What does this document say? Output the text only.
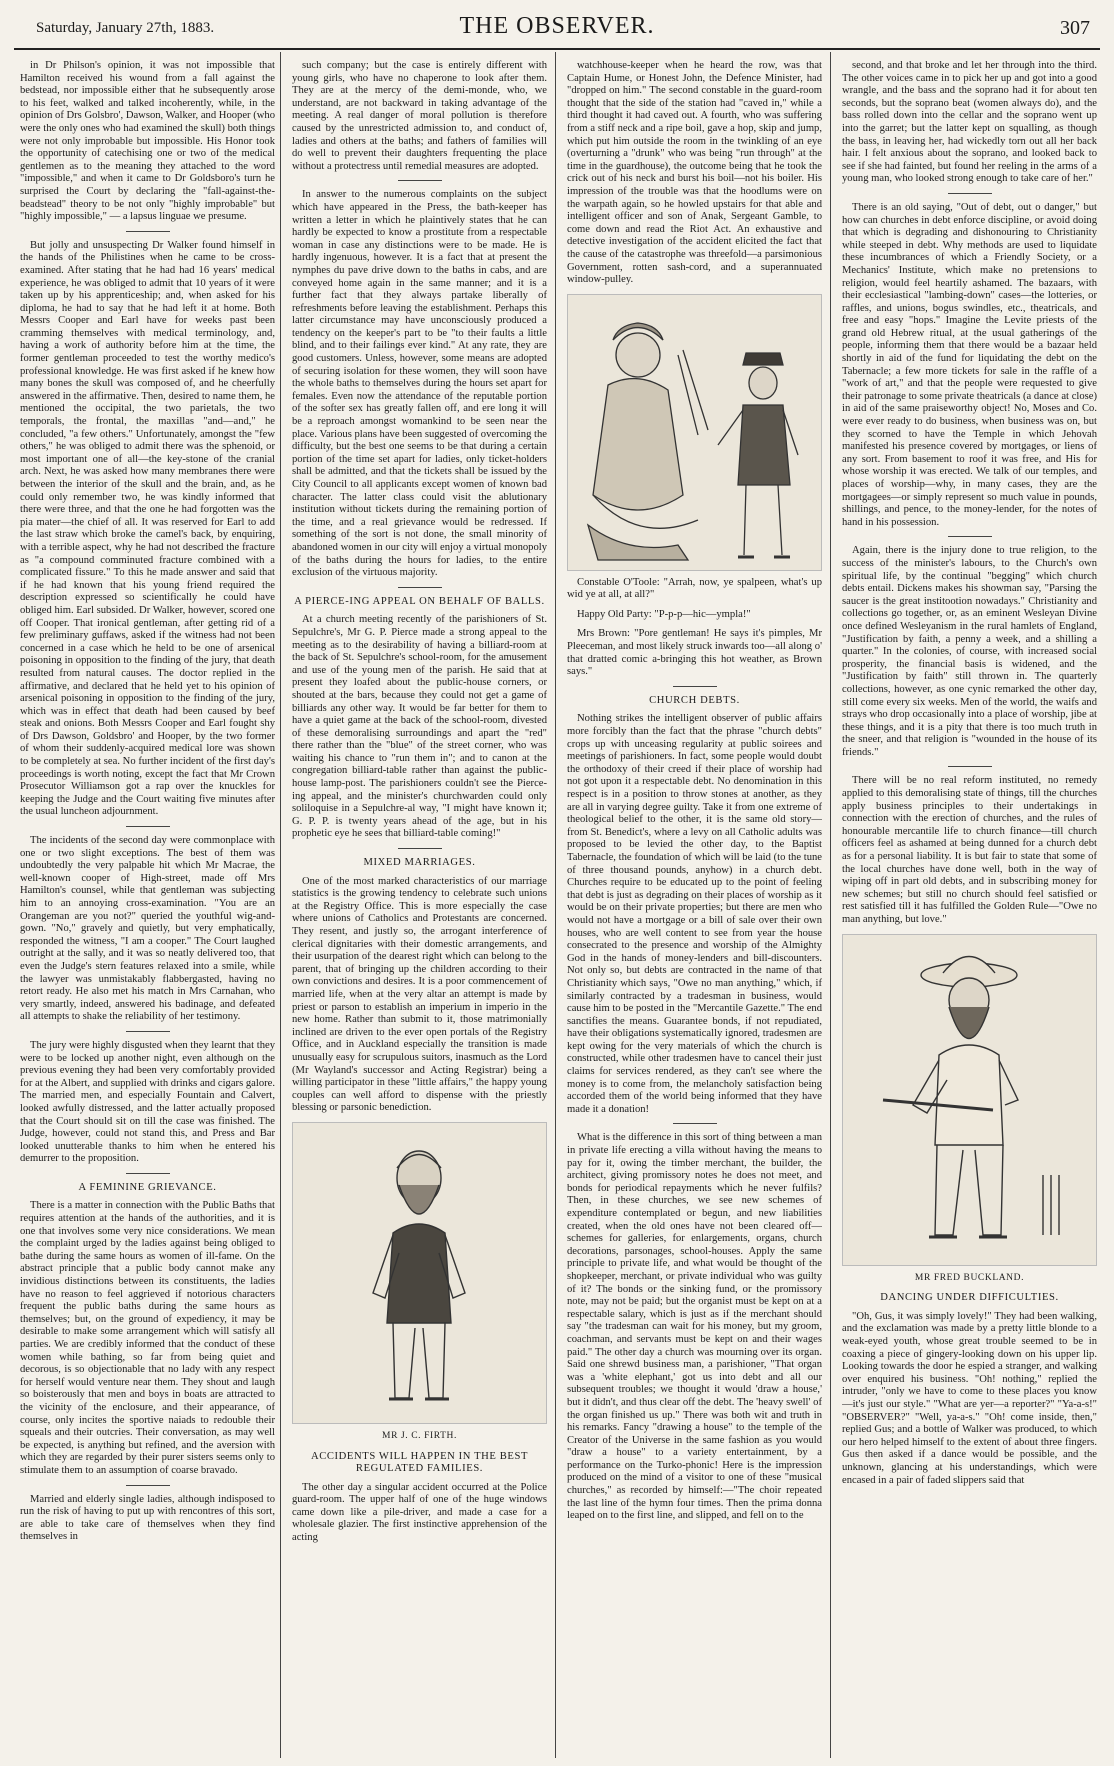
Saturday, January 27th, 1883.	THE OBSERVER.	307

in Dr Philson's opinion, it was not impossible that Hamilton received his wound from a fall against the bedstead, nor impossible either that he subsequently arose to his feet, walked and talked incoherently, while, in the opinion of Drs Golsbro', Dawson, Walker, and Hooper (who were the only ones who had examined the skull) both things were not only improbable but impossible. His Honor took the opportunity of catechising one or two of the medical gentlemen as to the meaning they attached to the word "impossible," and when it came to Dr Goldsboro's turn he surprised the Court by declaring the "fall-against-the-beadstead" theory to be not only "highly improbable" but "highly impossible," — a lapsus linguae we presume.

But jolly and unsuspecting Dr Walker found himself in the hands of the Philistines when he came to be cross-examined. After stating that he had had 16 years' medical experience, he was obliged to admit that 10 years of it were taken up by his apprenticeship; and, when asked for his diploma, he had to say that he had left it at home. Both Messrs Cooper and Earl have for weeks past been cramming themselves with medical terminology, and, having a work of authority before him at the time, the former gentleman proceeded to test the worthy medico's professional knowledge. He was first asked if he knew how many bones the skull was composed of, and he cheerfully answered in the affirmative. Then, desired to name them, he mentioned the occipital, the two parietals, the two temporals, the frontal, the maxillas "and—and," he concluded, "a few others." Unfortunately, amongst the "few others," he was obliged to admit there was the sphenoid, or most important one of all—the key-stone of the cranial arch. Next, he was asked how many membranes there were between the interior of the skull and the brain, and, as he could only remember two, he was kindly informed that there were three, and that the one he had forgotten was the pia mater—the chief of all. It was reserved for Earl to add the last straw which broke the camel's back, by enquiring, with a terrible aspect, why he had not described the fracture as "a compound comminuted fracture combined with a complicated fissure." To this he made answer and said that if he had known that his young friend required the description expressed so scientifically he could have obliged him. Earl subsided. Dr Walker, however, scored one off Cooper. That ironical gentleman, after getting rid of a few preliminary guffaws, asked if the witness had not been concerned in a case which he held to be one of arsenical poisoning in opposition to the finding of the jury, that death resulted from natural causes. The doctor replied in the affirmative, and declared that he held yet to his opinion of arsenical poisoning in opposition to the finding of the jury, which was in effect that death had been caused by beef steak and onions. Both Messrs Cooper and Earl fought shy of Drs Dawson, Goldsbro' and Hooper, by the two former of whom their suddenly-acquired medical lore was shown to be completely at sea. No further incident of the first day's proceedings is worth noting, except the fact that Mr Crown Prosecutor Williamson got a rap over the knuckles for keeping the Judge and the Court waiting five minutes after the usual luncheon adjournment.

The incidents of the second day were commonplace with one or two slight exceptions. The best of them was undoubtedly the very palpable hit which Mr Macrae, the well-known cooper of High-street, made off Mrs Hamilton's counsel, while that gentleman was subjecting him to an annoying cross-examination. "You are an Orangeman are you not?" queried the youthful wig-and-gown. "No," gravely and quietly, but very emphatically, responded the witness, "I am a cooper." The Court laughed outright at the sally, and it was so neatly delivered too, that even the Judge's stern features relaxed into a smile, while the lawyer was unmistakably flabbergasted, having no retort ready. He also met his match in Mrs Carnahan, who very smartly, indeed, answered his badinage, and defeated all attempts to shake the reliability of her testimony.

The jury were highly disgusted when they learnt that they were to be locked up another night, even although on the previous evening they had been very comfortably provided for at the Albert, and supplied with drinks and cigars galore. The married men, and especially Fountain and Calvert, looked awfully distressed, and the latter actually proposed that the Court should sit on till the case was finished. The Judge, however, could not stand this, and Press and Bar looked unutterable thanks to him when he entered his demurrer to the proposition.

A FEMININE GRIEVANCE.

There is a matter in connection with the Public Baths that requires attention at the hands of the authorities, and it is one that involves some very nice considerations. We mean the complaint urged by the ladies against being obliged to bathe during the same hours as women of ill-fame. On the abstract principle that a public body cannot make any invidious distinctions between its constituents, the ladies have no reason to feel aggrieved if notorious characters frequent the public baths during the same hours as themselves; but, on the ground of expediency, it may be desirable to make some arrangement which will satisfy all parties. We are credibly informed that the conduct of these women while bathing, so far from being quiet and decorous, is so objectionable that no lady with any respect for herself would venture near them. They shout and laugh so boisterously that men and boys in boats are attracted to the vicinity of the enclosure, and their appearance, of course, only incites the sportive naiads to redouble their squeals and their outcries. Their conversation, as may well be expected, is anything but refined, and the aversion with which they are regarded by their purer sisters seems only to stimulate them to an assumption of coarse bravado.

Married and elderly single ladies, although indisposed to run the risk of having to put up with rencontres of this sort, are able to take care of themselves when they find themselves in

such company; but the case is entirely different with young girls, who have no chaperone to look after them. They are at the mercy of the demi-monde, who, we understand, are not backward in taking advantage of the meeting. A real danger of moral pollution is therefore caused by the unrestricted admission to, and conduct of, ladies and others at the baths; and fathers of families will do well to prevent their daughters frequenting the place without a protectress until remedial measures are adopted.

In answer to the numerous complaints on the subject which have appeared in the Press, the bath-keeper has written a letter in which he plaintively states that he can hardly be expected to know a prostitute from a respectable woman in case any distinctions were to be made. He is hardly ingenuous, however. It is a fact that at present the nymphes du pave drive down to the baths in cabs, and are conveyed home again in the same manner; and it is a further fact that they always partake liberally of refreshments before leaving the establishment. Perhaps this latter circumstance may have unconsciously produced a tendency on the keeper's part to be "to their faults a little blind, and to their failings ever kind." At any rate, they are good customers. Unless, however, some means are adopted of securing isolation for these women, they will soon have the whole baths to themselves during the hours set apart for females. Even now the attendance of the reputable portion of the softer sex has greatly fallen off, and ere long it will be a reproach amongst womankind to be seen near the place. Various plans have been suggested of overcoming the difficulty, but the best one seems to be that during a certain portion of the time set apart for ladies, only ticket-holders shall be admitted, and that the tickets shall be issued by the City Council to all applicants except women of known bad character. The latter class could visit the ablutionary institution without tickets during the remaining portion of the time, and a real grievance would be redressed. If something of the sort is not done, the small minority of abandoned women in our city will enjoy a virtual monopoly of the baths during the hours for ladies, to the entire exclusion of the virtuous majority.

A PIERCE-ING APPEAL ON BEHALF OF BALLS.

At a church meeting recently of the parishioners of St. Sepulchre's, Mr G. P. Pierce made a strong appeal to the meeting as to the desirability of having a billiard-room at the back of St. Sepulchre's school-room, for the amusement and use of the young men of the parish. He said that at present they loafed about the public-house corners, or shouted at the bars, because they could not get a game of billiards any other way. It would be far better for them to have a quiet game at the back of the school-room, divested of these demoralising surroundings and apart the "red" there rather than the "blue" of the street corner, who was waiting his chance to "run them in"; and to canon at the congregation billiard-table rather than against the public-house lamp-post. The parishioners couldn't see the Pierce-ing appeal, and the minister's churchwarden could only soliloquise in a Sepulchre-al way, "I might have known it; G. P. P. is twenty years ahead of the age, but in his prophetic eye he sees that billiard-table coming!"

MIXED MARRIAGES.

One of the most marked characteristics of our marriage statistics is the growing tendency to celebrate such unions at the Registry Office. This is more especially the case where unions of Catholics and Protestants are concerned. They resent, and justly so, the arrogant interference of clerical dignitaries with their domestic arrangements, and their usurpation of the dearest right which can belong to the parent, that of bringing up the children according to their own convictions and desires. It is a poor commencement of married life, when at the very altar an attempt is made by priest or parson to establish an imperium in imperio in the new home. Rather than submit to it, those matrimonially inclined are driven to the ever open portals of the Registry Office, and in Auckland especially the transition is made unusually easy for scrupulous suitors, inasmuch as the Lord (Mr Wayland's successor and Acting Registrar) being a willing participator in these "little affairs," the happy young couples can well afford to dispense with the priestly blessing or parsonic benediction.

MR J. C. FIRTH.
ACCIDENTS WILL HAPPEN IN THE BEST REGULATED FAMILIES.

The other day a singular accident occurred at the Police guard-room. The upper half of one of the huge windows came down like a pile-driver, and made a case for a wholesale glazier. The first instinctive apprehension of the acting

watchhouse-keeper when he heard the row, was that Captain Hume, or Honest John, the Defence Minister, had "dropped on him." The second constable in the guard-room thought that the side of the station had "caved in," while a third thought it had caved out. A fourth, who was suffering from a stiff neck and a ripe boil, gave a hop, skip and jump, which put him outside the room in the twinkling of an eye (overturning a "drunk" who was being "run through" at the time in the guardhouse), the outcome being that he took the crick out of his neck and burst his boil—not his boiler. His impression of the trouble was that the hoodlums were on the warpath again, so he howled upstairs for that able and intelligent officer and son of Anak, Sergeant Gamble, to come down and read the Riot Act. An exhaustive and detective investigation of the accident elicited the fact that the cause of the catastrophe was threefold—a parsimonious Government, rotten sash-cord, and a superannuated window-pulley.

Constable O'Toole: "Arrah, now, ye spalpeen, what's up wid ye at all, at all?"

Happy Old Party: "P-p-p—hic—ympla!"

Mrs Brown: "Pore gentleman! He says it's pimples, Mr Pleeceman, and most likely struck inwards too—all along o' that dratted comic a-bringing this hot weather, as Brown says."

CHURCH DEBTS.

Nothing strikes the intelligent observer of public affairs more forcibly than the fact that the phrase "church debts" crops up with unceasing regularity at public soirees and meetings of parishioners. In fact, some people would doubt the orthodoxy of their creed if their place of worship had not got upon it a respectable debt. No denomination in this respect is in a position to throw stones at another, as they are all in varying degree guilty. Take it from one extreme of theological belief to the other, it is the same old story—from St. Benedict's, where a levy on all Catholic adults was proposed to be levied the other day, to the Baptist Tabernacle, the foundation of which will be laid (to the tune of three thousand pounds, anyhow) in a church debt. Churches require to be educated up to the point of feeling that debt is just as degrading on their places of worship as it would be on their private properties; but there are men who would not have a mortgage or a bill of sale over their own houses, who are well content to see from year the house consecrated to the presence and worship of the Almighty God in the hands of money-lenders and bill-discounters. Not only so, but debts are contracted in the name of that Christianity which says, "Owe no man anything," which, if similarly contracted by a tradesman in business, would cause him to be posted in the "Mercantile Gazette." The end sanctifies the means. Guarantee bonds, if not repudiated, have their obligations systematically ignored, tradesmen are kept owing for the very materials of which the church is constructed, while other tradesmen have to cancel their just claims for services rendered, as they can't see where the money is to come from, the melancholy satisfaction being accorded them of the world being informed that they have made it a donation!

What is the difference in this sort of thing between a man in private life erecting a villa without having the means to pay for it, owing the timber merchant, the builder, the architect, giving promissory notes he does not meet, and bonds for periodical repayments which he never fulfils? Then, in these churches, we see new schemes of expenditure contemplated or begun, and new liabilities created, when the old ones have not been cleared off—schemes for galleries, for enlargements, organs, church decorations, parsonages, school-houses. Apply the same principle to private life, and what would be thought of the shopkeeper, merchant, or private individual who was guilty of it? The bonds or the sinking fund, or the promissory note, may not be paid; but the organist must be kept on at a respectable salary, which is just as if the merchant should say "the tradesman can wait for his money, but my groom, coachman, and servants must be kept on and their wages paid." The other day a church was mourning over its organ. Said one shrewd business man, a parishioner, "That organ was a 'white elephant,' got us into debt and all our subsequent troubles; we thought it would 'draw a house,' but it didn't, and thus clear off the debt. The 'heavy swell' of the organ finished us up." There was both wit and truth in his remarks. Fancy "drawing a house" to the temple of the Creator of the Universe in the same fashion as you would "draw a house" to a variety entertainment, by a performance on the Turko-phonic! Here is the impression produced on the mind of a visitor to one of these "musical churches," as recorded by himself:—"The choir repeated the last line of the hymn four times. Then the prima donna leaped on to the first line, and slipped, and fell on to the

second, and that broke and let her through into the third. The other voices came in to pick her up and got into a good wrangle, and the bass and the soprano had it for about ten seconds, but the soprano beat (women always do), and the bass rolled down into the cellar and the soprano went up into the garret; but the latter kept on squalling, as though the bass, in leaving her, had wickedly torn out all her back hair. I felt anxious about the soprano, and looked back to see if she had fainted, but found her reeling in the arms of a young man, who looked strong enough to take care of her."

There is an old saying, "Out of debt, out o danger," but how can churches in debt enforce discipline, or avoid doing that which is degrading and dishonouring to Christianity while steeped in debt. Why methods are used to liquidate these incumbrances of which a Friendly Society, or a Mechanics' Institute, which make no pretensions to religion, would feel heartily ashamed. The bazaars, with their ecclesiastical "lambing-down" cases—the lotteries, or raffles, and unions, bogus swindles, etc., theatricals, and free and easy "hops." Imagine the Levite priests of the grand old Hebrew ritual, at the usual gatherings of the people, informing them that there would be a bazaar held shortly in aid of the fund for liquidating the debt on the Tabernacle; a few more tickets for sale in the raffle of a "work of art," and that the people were requested to give their patronage to some private theatricals (a dance at close) in aid of the same praiseworthy object! No, Moses and Co. were ever ready to do business, when business was on, but they scorned to have the Temple in which Jehovah manifested his presence covered by mortgages, or liens of any sort. From basement to roof it was free, and His for whose worship it was erected. We talk of our temples, and places of worship—why, in many cases, they are the mortgagees—or simply represent so much value in pounds, shillings, and pence, to the money-lender, for the notes of hand in his possession.

Again, there is the injury done to true religion, to the success of the minister's labours, to the Church's own spiritual life, by the continual "begging" which church debts entail. Dickens makes his showman say, "Parsing the saucer is the great institootion nowadays." Christianity and collections go together, or, as an eminent Wesleyan Divine once defined Wesleyanism in the rural hamlets of England, "Justification by faith, a penny a week, and a shilling a quarter." In the colonies, of course, with increased social prosperity, the financial basis is widened, and the "Justification by faith" still thrown in. The quarterly collections, however, as one cynic remarked the other day, still come every six weeks. Men of the world, the waifs and strays who drop occasionally into a place of worship, jibe at these things, and it is a pity that there is too much truth in the sneer, and that religion is "wounded in the house of its friends."

There will be no real reform instituted, no remedy applied to this demoralising state of things, till the churches apply business principles to their undertakings in connection with the erection of churches, and the rules of honourable mercantile life to church finance—till church officers feel as ashamed at being dunned for a church debt as for a personal liability. It is but fair to state that some of the local churches have done well, both in the way of wiping off in part old debts, and in subscribing money for new schemes; but still no church should feel satisfied or rest satisfied till it has fulfilled the Golden Rule—"Owe no man anything, but love."

MR FRED BUCKLAND.
DANCING UNDER DIFFICULTIES.

"Oh, Gus, it was simply lovely!" They had been walking, and the exclamation was made by a pretty little blonde to a weak-eyed youth, whose great trouble seemed to be in coaxing a piece of gingery-looking down on his upper lip. Looking towards the door he espied a stranger, and walking over enquired his business. "Oh! nothing," replied the intruder, "only we have to come to these places you know—it's just our style." "What are yer—a reporter?" "Ya-a-s!" "OBSERVER?" "Well, ya-a-s." "Oh! come inside, then," replied Gus; and a bottle of Walker was produced, to which our hero helped himself to the extent of about three fingers. Gus then asked if a dance would be possible, and the unknown, glancing at his understandings, which were encased in a pair of faded slippers said that
